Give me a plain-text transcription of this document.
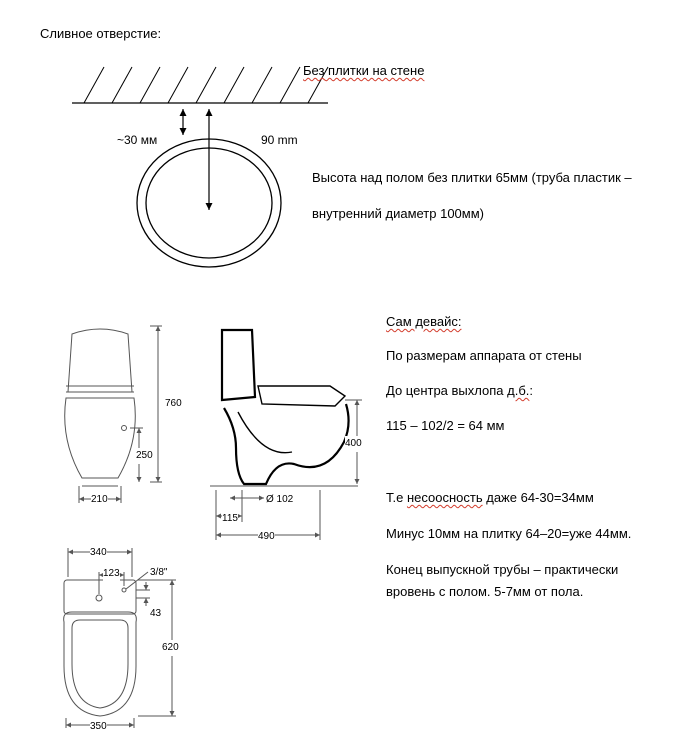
Сливное отверстие:
Без плитки на стене
~30 мм	90 mm
Высота над полом без плитки 65мм (труба пластик –
внутренний диаметр 100мм)
Сам девайс:
По размерам аппарата от стены
До центра выхлопа д.б.:
115 – 102/2 = 64 мм
Т.е несоосность даже 64-30=34мм
Минус 10мм на плитку 64–20=уже 44мм.
Конец выпускной трубы – практически
вровень с полом. 5-7мм от пола.
760
250
210
400
Ø 102
115
490
340
123	3/8"
43
620
350
